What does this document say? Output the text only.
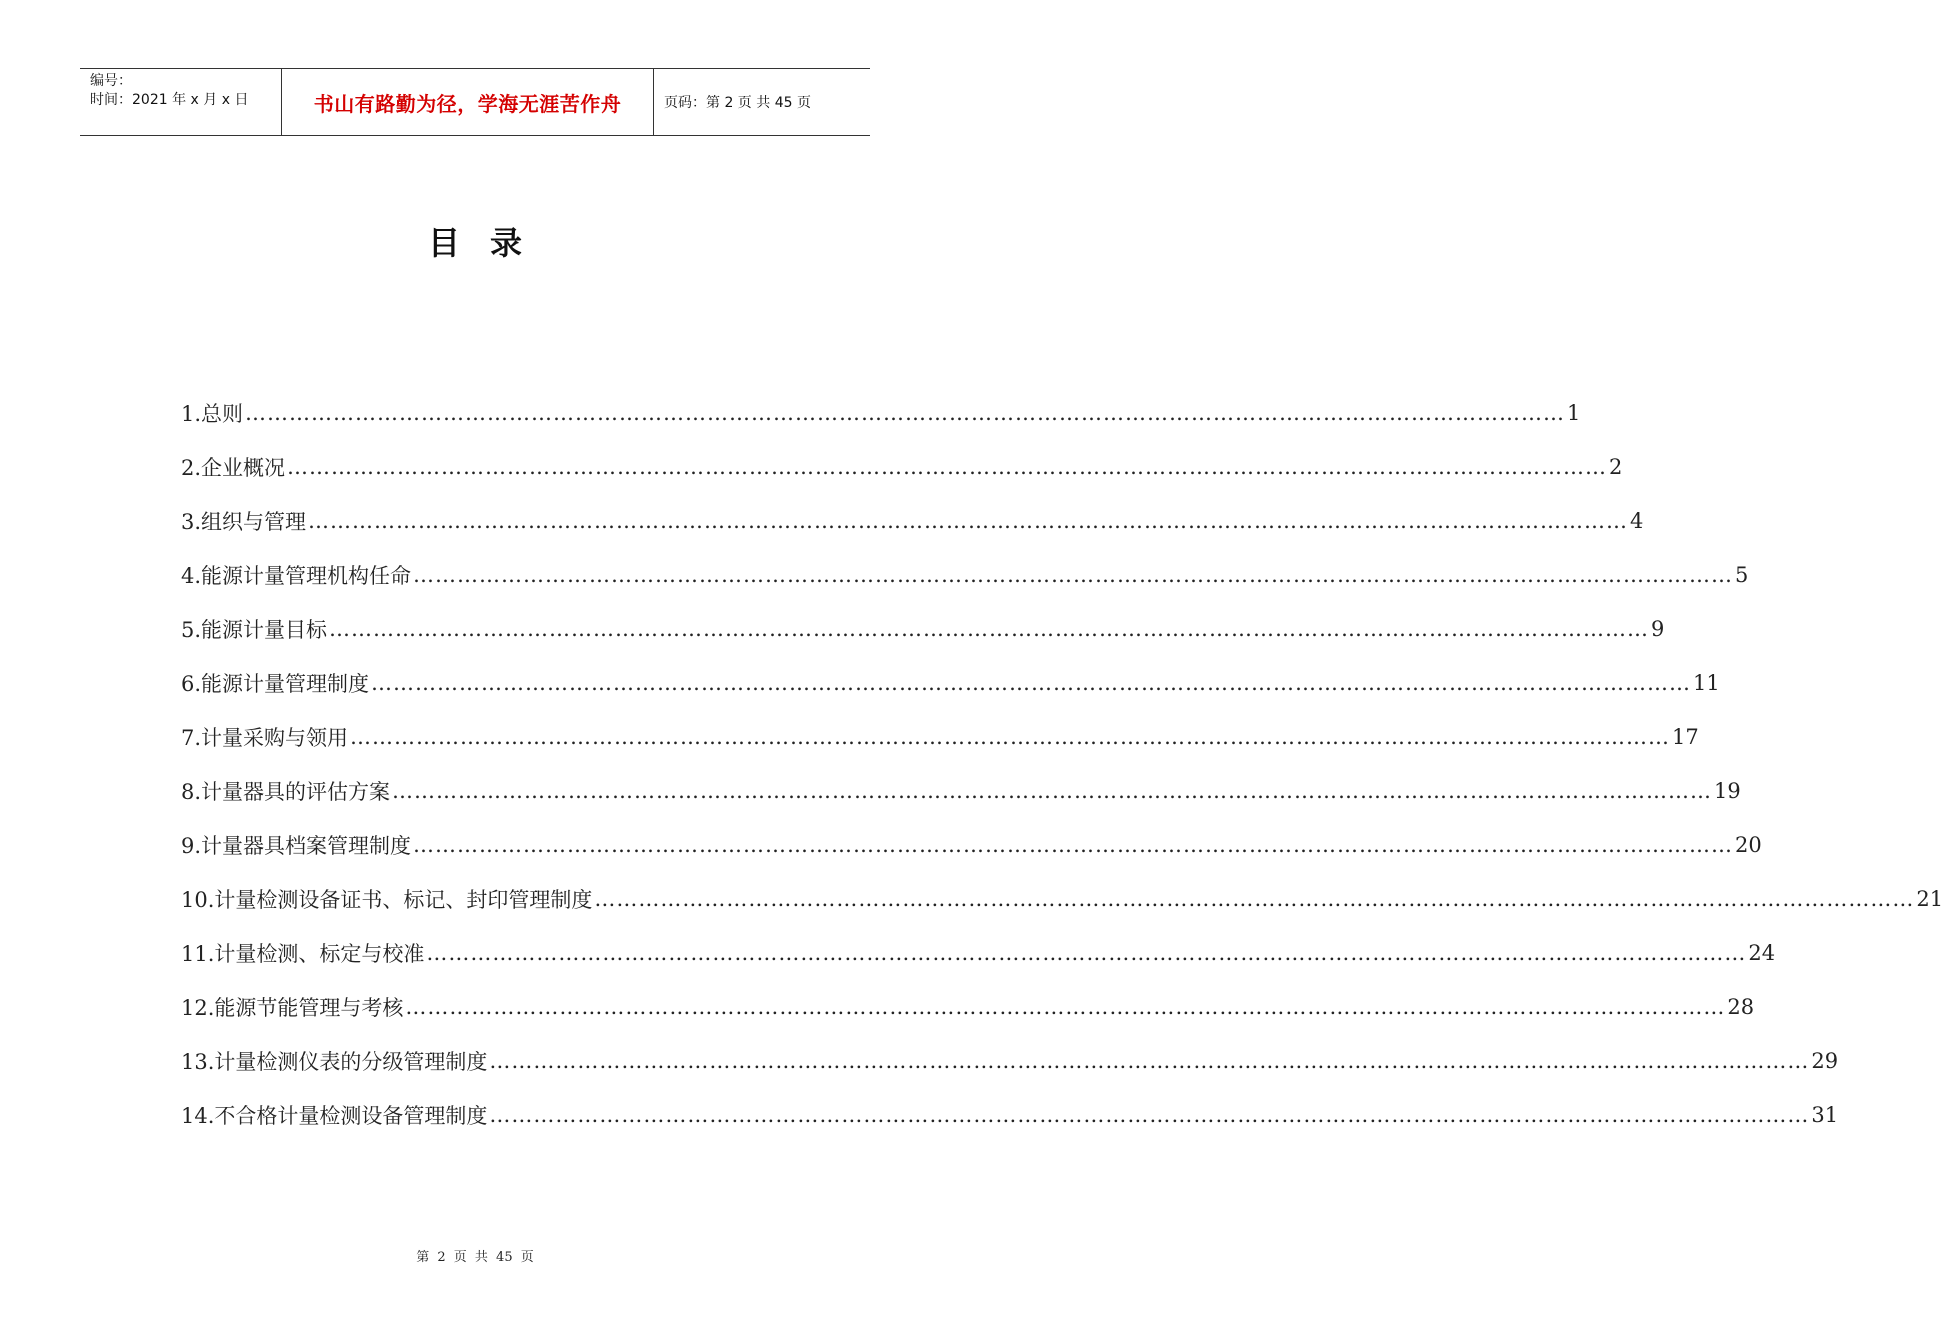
编号：
时间：2021 年 x 月 x 日	书山有路勤为径，学海无涯苦作舟	页码：第 2 页 共 45 页
目录
1.总则 ……………………………………………………………………………………………………………………………………………………………… 1
2.企业概况 ……………………………………………………………………………………………………………………………………………………………… 2
3.组织与管理 ……………………………………………………………………………………………………………………………………………………………… 4
4.能源计量管理机构任命 ……………………………………………………………………………………………………………………………………………………………… 5
5.能源计量目标 ……………………………………………………………………………………………………………………………………………………………… 9
6.能源计量管理制度 ……………………………………………………………………………………………………………………………………………………………… 11
7.计量采购与领用 ……………………………………………………………………………………………………………………………………………………………… 17
8.计量器具的评估方案 ……………………………………………………………………………………………………………………………………………………………… 19
9.计量器具档案管理制度 ……………………………………………………………………………………………………………………………………………………………… 20
10.计量检测设备证书、标记、封印管理制度 ……………………………………………………………………………………………………………………………………………………………… 21
11.计量检测、标定与校准 ……………………………………………………………………………………………………………………………………………………………… 24
12.能源节能管理与考核 ……………………………………………………………………………………………………………………………………………………………… 28
13.计量检测仪表的分级管理制度 ……………………………………………………………………………………………………………………………………………………………… 29
14.不合格计量检测设备管理制度 ……………………………………………………………………………………………………………………………………………………………… 31
第 2 页 共 45 页
